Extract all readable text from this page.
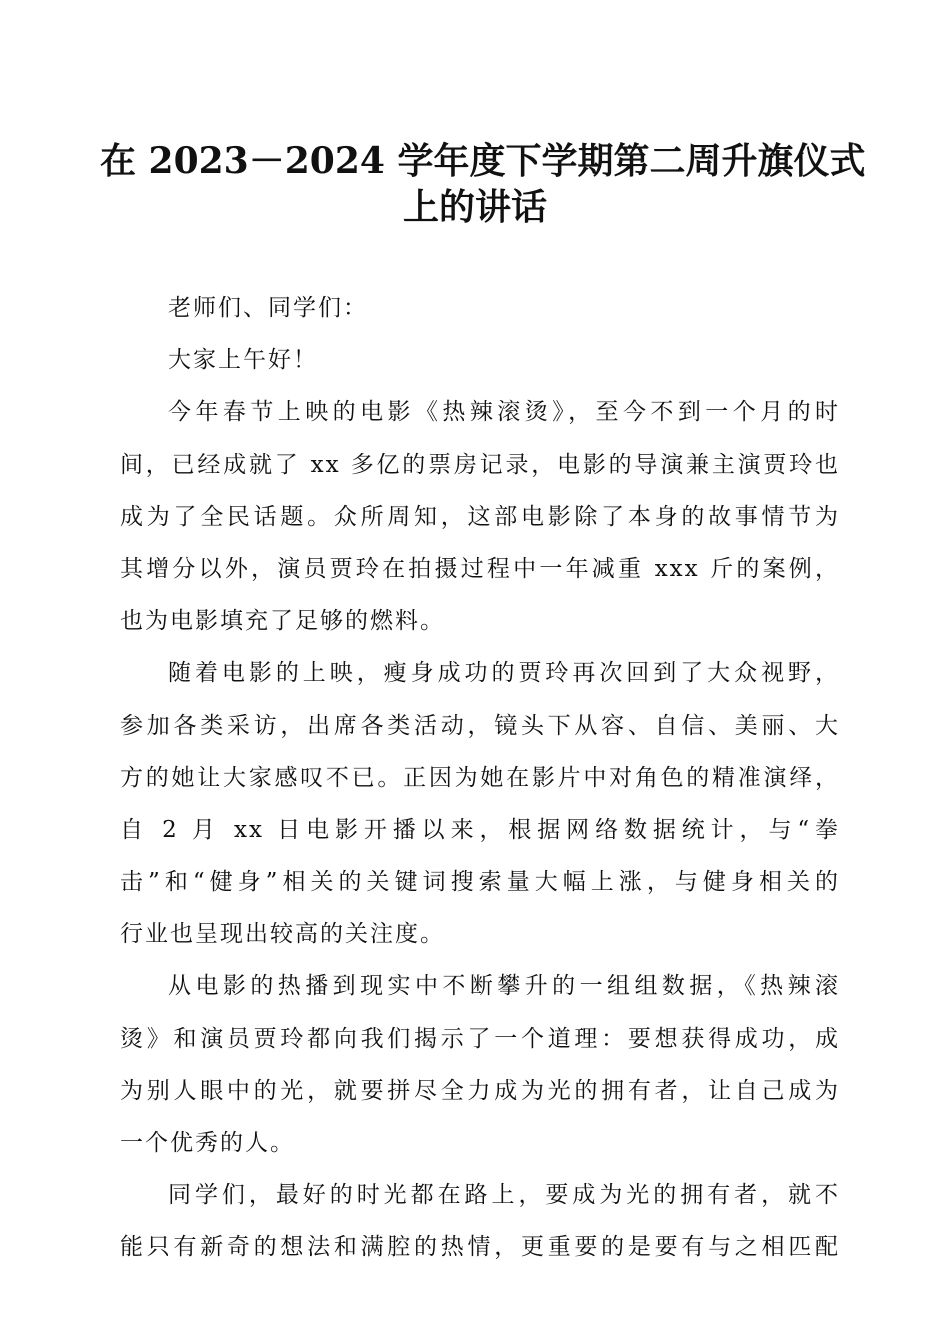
在 2023－2024 学年度下学期第二周升旗仪式
上的讲话
老师们、同学们：
大家上午好！
今年春节上映的电影《热辣滚烫》，至今不到一个月的时
间，已经成就了 xx 多亿的票房记录，电影的导演兼主演贾玲也
成为了全民话题。众所周知，这部电影除了本身的故事情节为
其增分以外，演员贾玲在拍摄过程中一年减重 xxx 斤的案例，
也为电影填充了足够的燃料。
随着电影的上映，瘦身成功的贾玲再次回到了大众视野，
参加各类采访，出席各类活动，镜头下从容、自信、美丽、大
方的她让大家感叹不已。正因为她在影片中对角色的精准演绎，
自 2 月 xx 日电影开播以来，根据网络数据统计，与“拳
击”和“健身”相关的关键词搜索量大幅上涨，与健身相关的
行业也呈现出较高的关注度。
从电影的热播到现实中不断攀升的一组组数据，《热辣滚
烫》和演员贾玲都向我们揭示了一个道理：要想获得成功，成
为别人眼中的光，就要拼尽全力成为光的拥有者，让自己成为
一个优秀的人。
同学们，最好的时光都在路上，要成为光的拥有者，就不
能只有新奇的想法和满腔的热情，更重要的是要有与之相匹配
